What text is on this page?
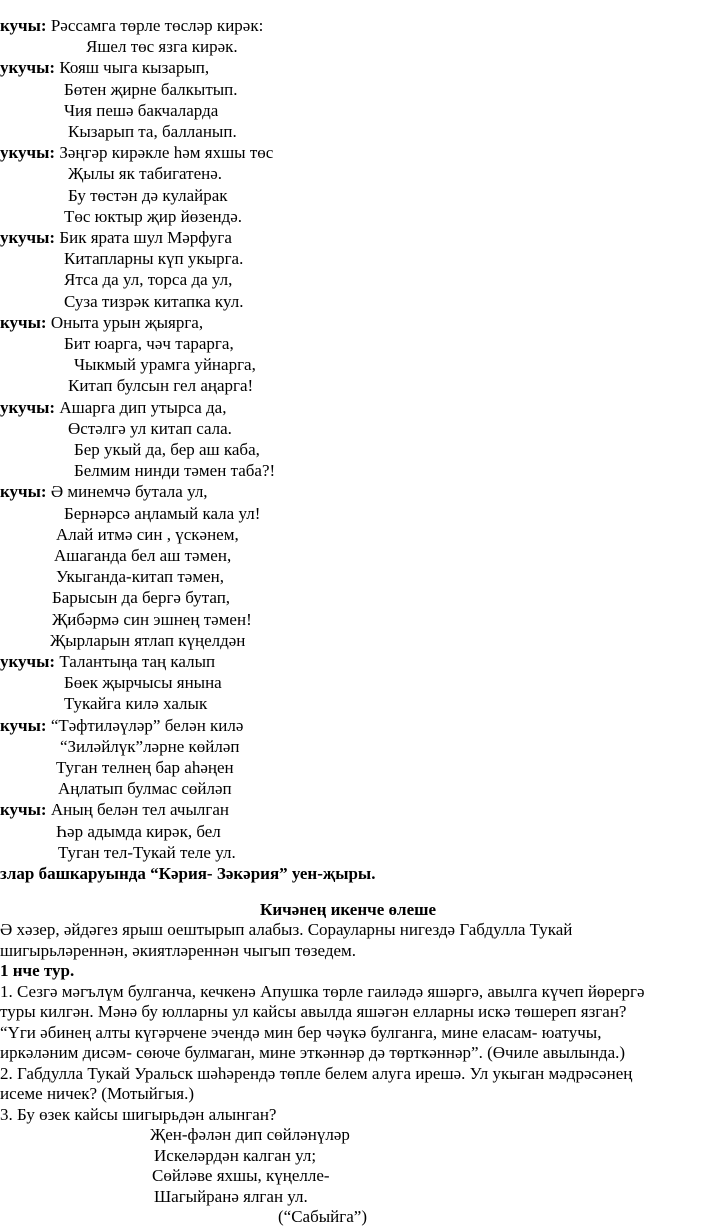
кучы: Рәссамга төрле төсләр кирәк:
Яшел төс язга кирәк.
укучы: Кояш чыга кызарып,
Бөтен җирне балкытып.
Чия пешә бакчаларда
Кызарып та, балланып.
укучы: Зәңгәр кирәкле һәм яхшы төс
Җылы як табигатенә.
Бу төстән дә кулайрак
Төс юктыр җир йөзендә.
укучы: Бик ярата шул Мәрфуга
Китапларны күп укырга.
Ятса да ул, торса да ул,
Суза тизрәк китапка кул.
кучы: Оныта урын җыярга,
Бит юарга, чәч тарарга,
Чыкмый урамга уйнарга,
Китап булсын гел аңарга!
укучы: Ашарга дип утырса да,
Өстәлгә ул китап сала.
Бер укый да, бер аш каба,
Белмим нинди тәмен таба?!
кучы: Ә минемчә бутала ул,
Бернәрсә аңламый кала ул!
Алай итмә син , үскәнем,
Ашаганда бел аш тәмен,
Укыганда-китап тәмен,
Барысын да бергә бутап,
Җибәрмә син эшнең тәмен!
Җырларын ятлап күңелдән
укучы: Талантыңа таң калып
Бөек җырчысы янына
Тукайга килә халык
кучы: “Тәфтиләүләр” белән килә
“Зиләйлүк”ләрне көйләп
Туган телнең бар аһәңен
Аңлатып булмас сөйләп
кучы: Аның белән тел ачылган
Һәр адымда кирәк, бел
Туган тел-Тукай теле ул.
злар башкаруында “Кәрия- Зәкәрия” уен-җыры.
Кичәнең икенче өлеше
Ә хәзер, әйдәгез ярыш оештырып алабыз. Сорауларны нигездә Габдулла Тукай
шигырьләреннән, әкиятләреннән чыгып төзедем.
1 нче тур.
1. Сезгә мәгълүм булганча, кечкенә Апушка төрле гаиләдә яшәргә, авылга күчеп йөрергә
туры килгән. Мәнә бу юлларны ул кайсы авылда яшәгән елларны искә төшереп язган?
“Үги әбинең алты күгәрчене эчендә мин бер чәүкә булганга, мине еласам- юатучы,
иркәләним дисәм- сөюче булмаган, мине эткәннәр дә төрткәннәр”. (Өчиле авылында.)
2. Габдулла Тукай Уральск шәһәрендә төпле белем алуга ирешә. Ул укыган мәдрәсәнең
исеме ничек? (Мотыйгыя.)
3. Бу өзек кайсы шигырьдән алынган?
Җен-фәлән дип сөйләнүләр
Искеләрдән калган ул;
Сөйләве яхшы, күңелле-
Шагыйранә ялган ул.
(“Сабыйга”)
